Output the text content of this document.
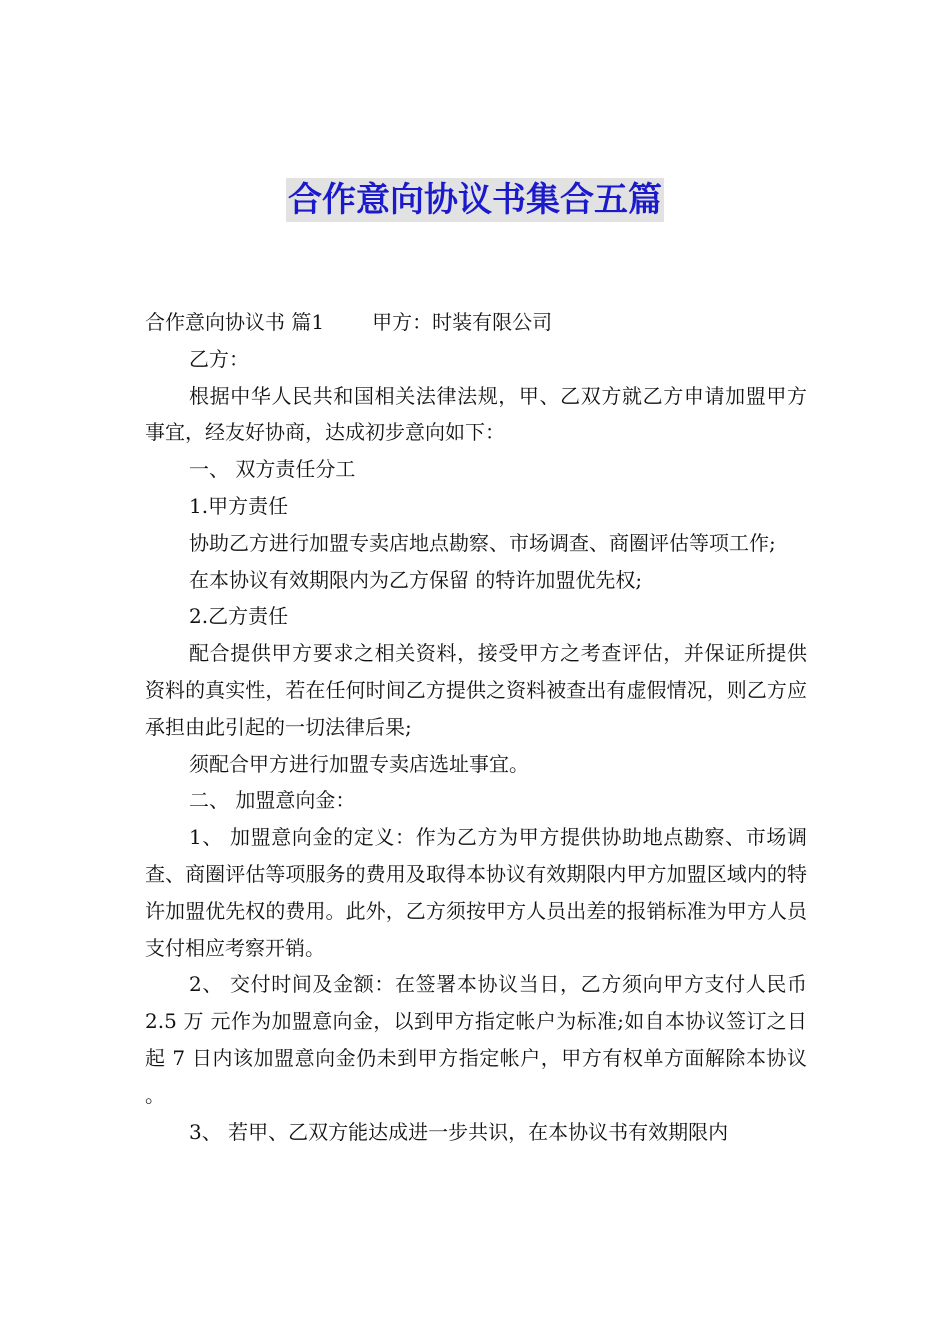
合作意向协议书集合五篇

合作意向协议书 篇1 甲方：时装有限公司

乙方：

根据中华人民共和国相关法律法规，甲、乙双方就乙方申请加盟甲方事宜，经友好协商，达成初步意向如下：

一、 双方责任分工

1.甲方责任

协助乙方进行加盟专卖店地点勘察、市场调查、商圈评估等项工作;

在本协议有效期限内为乙方保留 的特许加盟优先权;

2.乙方责任

配合提供甲方要求之相关资料，接受甲方之考查评估，并保证所提供资料的真实性，若在任何时间乙方提供之资料被查出有虚假情况，则乙方应承担由此引起的一切法律后果;

须配合甲方进行加盟专卖店选址事宜。

二、 加盟意向金：

1、 加盟意向金的定义：作为乙方为甲方提供协助地点勘察、市场调查、商圈评估等项服务的费用及取得本协议有效期限内甲方加盟区域内的特许加盟优先权的费用。此外，乙方须按甲方人员出差的报销标准为甲方人员支付相应考察开销。

2、 交付时间及金额：在签署本协议当日，乙方须向甲方支付人民币 2.5 万 元作为加盟意向金，以到甲方指定帐户为标准;如自本协议签订之日起 7 日内该加盟意向金仍未到甲方指定帐户，甲方有权单方面解除本协议 。

3、 若甲、乙双方能达成进一步共识，在本协议书有效期限内
